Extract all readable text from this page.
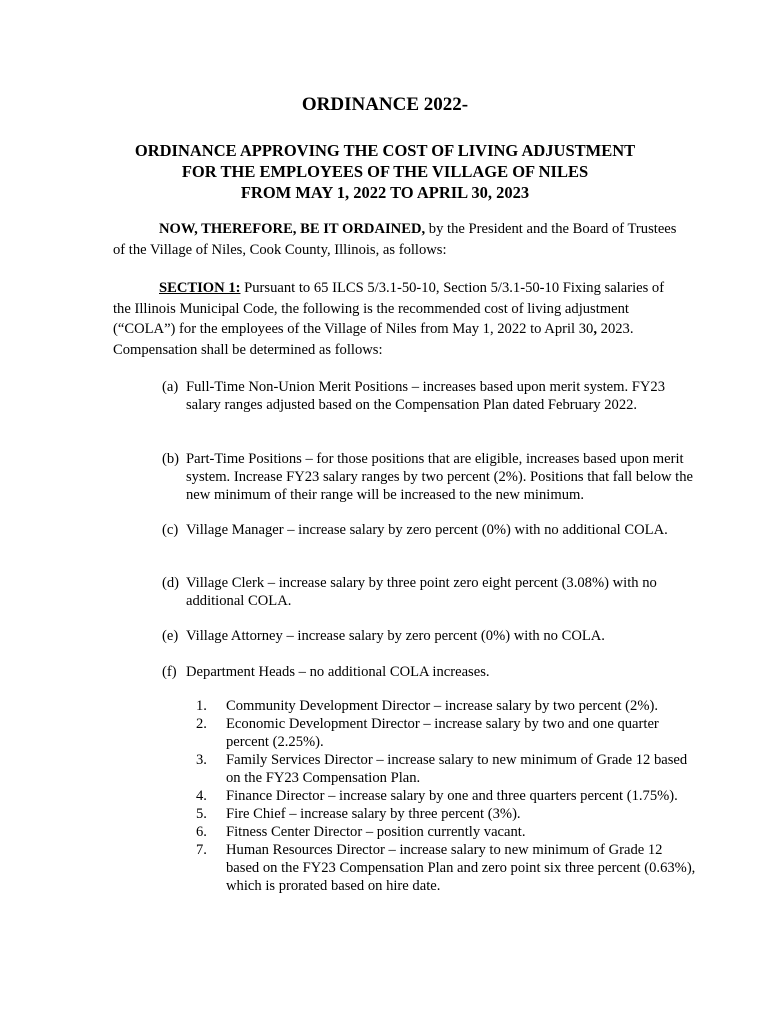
ORDINANCE 2022-
ORDINANCE APPROVING THE COST OF LIVING ADJUSTMENT
FOR THE EMPLOYEES OF THE VILLAGE OF NILES
FROM MAY 1, 2022 TO APRIL 30, 2023
NOW, THEREFORE, BE IT ORDAINED, by the President and the Board of Trustees of the Village of Niles, Cook County, Illinois, as follows:
SECTION 1: Pursuant to 65 ILCS 5/3.1-50-10, Section 5/3.1-50-10 Fixing salaries of the Illinois Municipal Code, the following is the recommended cost of living adjustment (“COLA”) for the employees of the Village of Niles from May 1, 2022 to April 30, 2023. Compensation shall be determined as follows:
(a) Full-Time Non-Union Merit Positions – increases based upon merit system. FY23 salary ranges adjusted based on the Compensation Plan dated February 2022.
(b) Part-Time Positions – for those positions that are eligible, increases based upon merit system. Increase FY23 salary ranges by two percent (2%). Positions that fall below the new minimum of their range will be increased to the new minimum.
(c) Village Manager – increase salary by zero percent (0%) with no additional COLA.
(d) Village Clerk – increase salary by three point zero eight percent (3.08%) with no additional COLA.
(e) Village Attorney – increase salary by zero percent (0%) with no COLA.
(f) Department Heads – no additional COLA increases.
1. Community Development Director – increase salary by two percent (2%).
2. Economic Development Director – increase salary by two and one quarter percent (2.25%).
3. Family Services Director – increase salary to new minimum of Grade 12 based on the FY23 Compensation Plan.
4. Finance Director – increase salary by one and three quarters percent (1.75%).
5. Fire Chief – increase salary by three percent (3%).
6. Fitness Center Director – position currently vacant.
7. Human Resources Director – increase salary to new minimum of Grade 12 based on the FY23 Compensation Plan and zero point six three percent (0.63%), which is prorated based on hire date.
